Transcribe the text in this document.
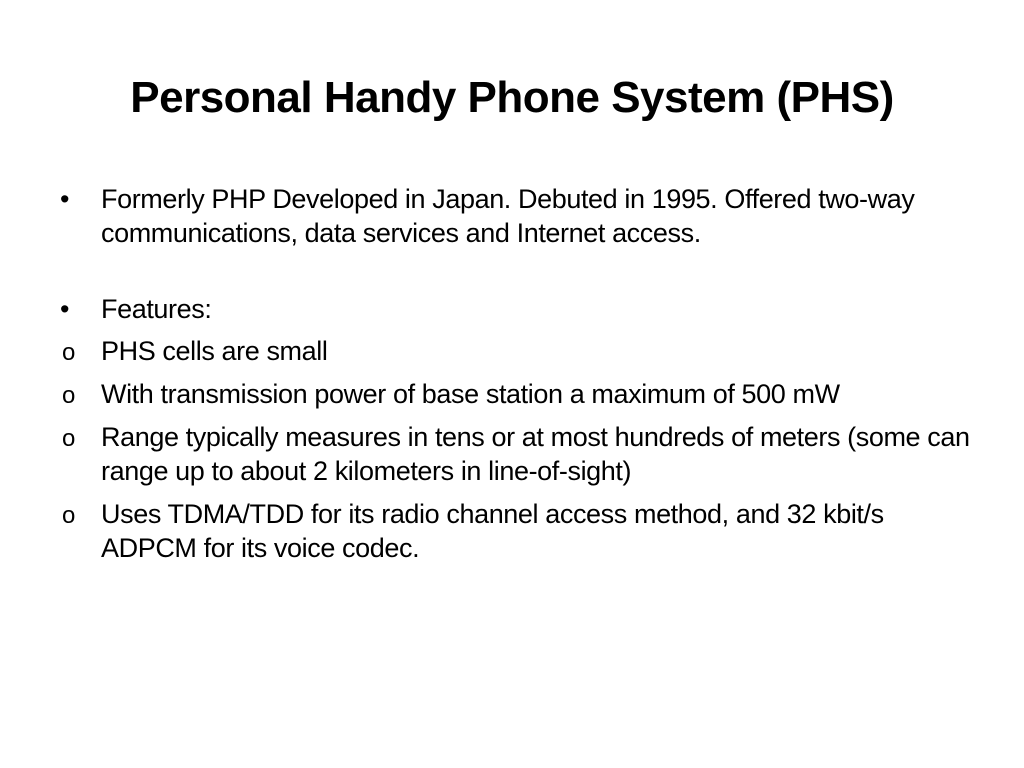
Personal Handy Phone System (PHS)
•	Formerly PHP Developed in Japan. Debuted in 1995. Offered two-way communications, data services and Internet access.
•	Features:
o PHS cells are small
o With transmission power of base station a maximum of 500 mW
o Range typically measures in tens or at most hundreds of meters (some can range up to about 2 kilometers in line-of-sight)
o Uses TDMA/TDD for its radio channel access method, and 32 kbit/s ADPCM for its voice codec.
